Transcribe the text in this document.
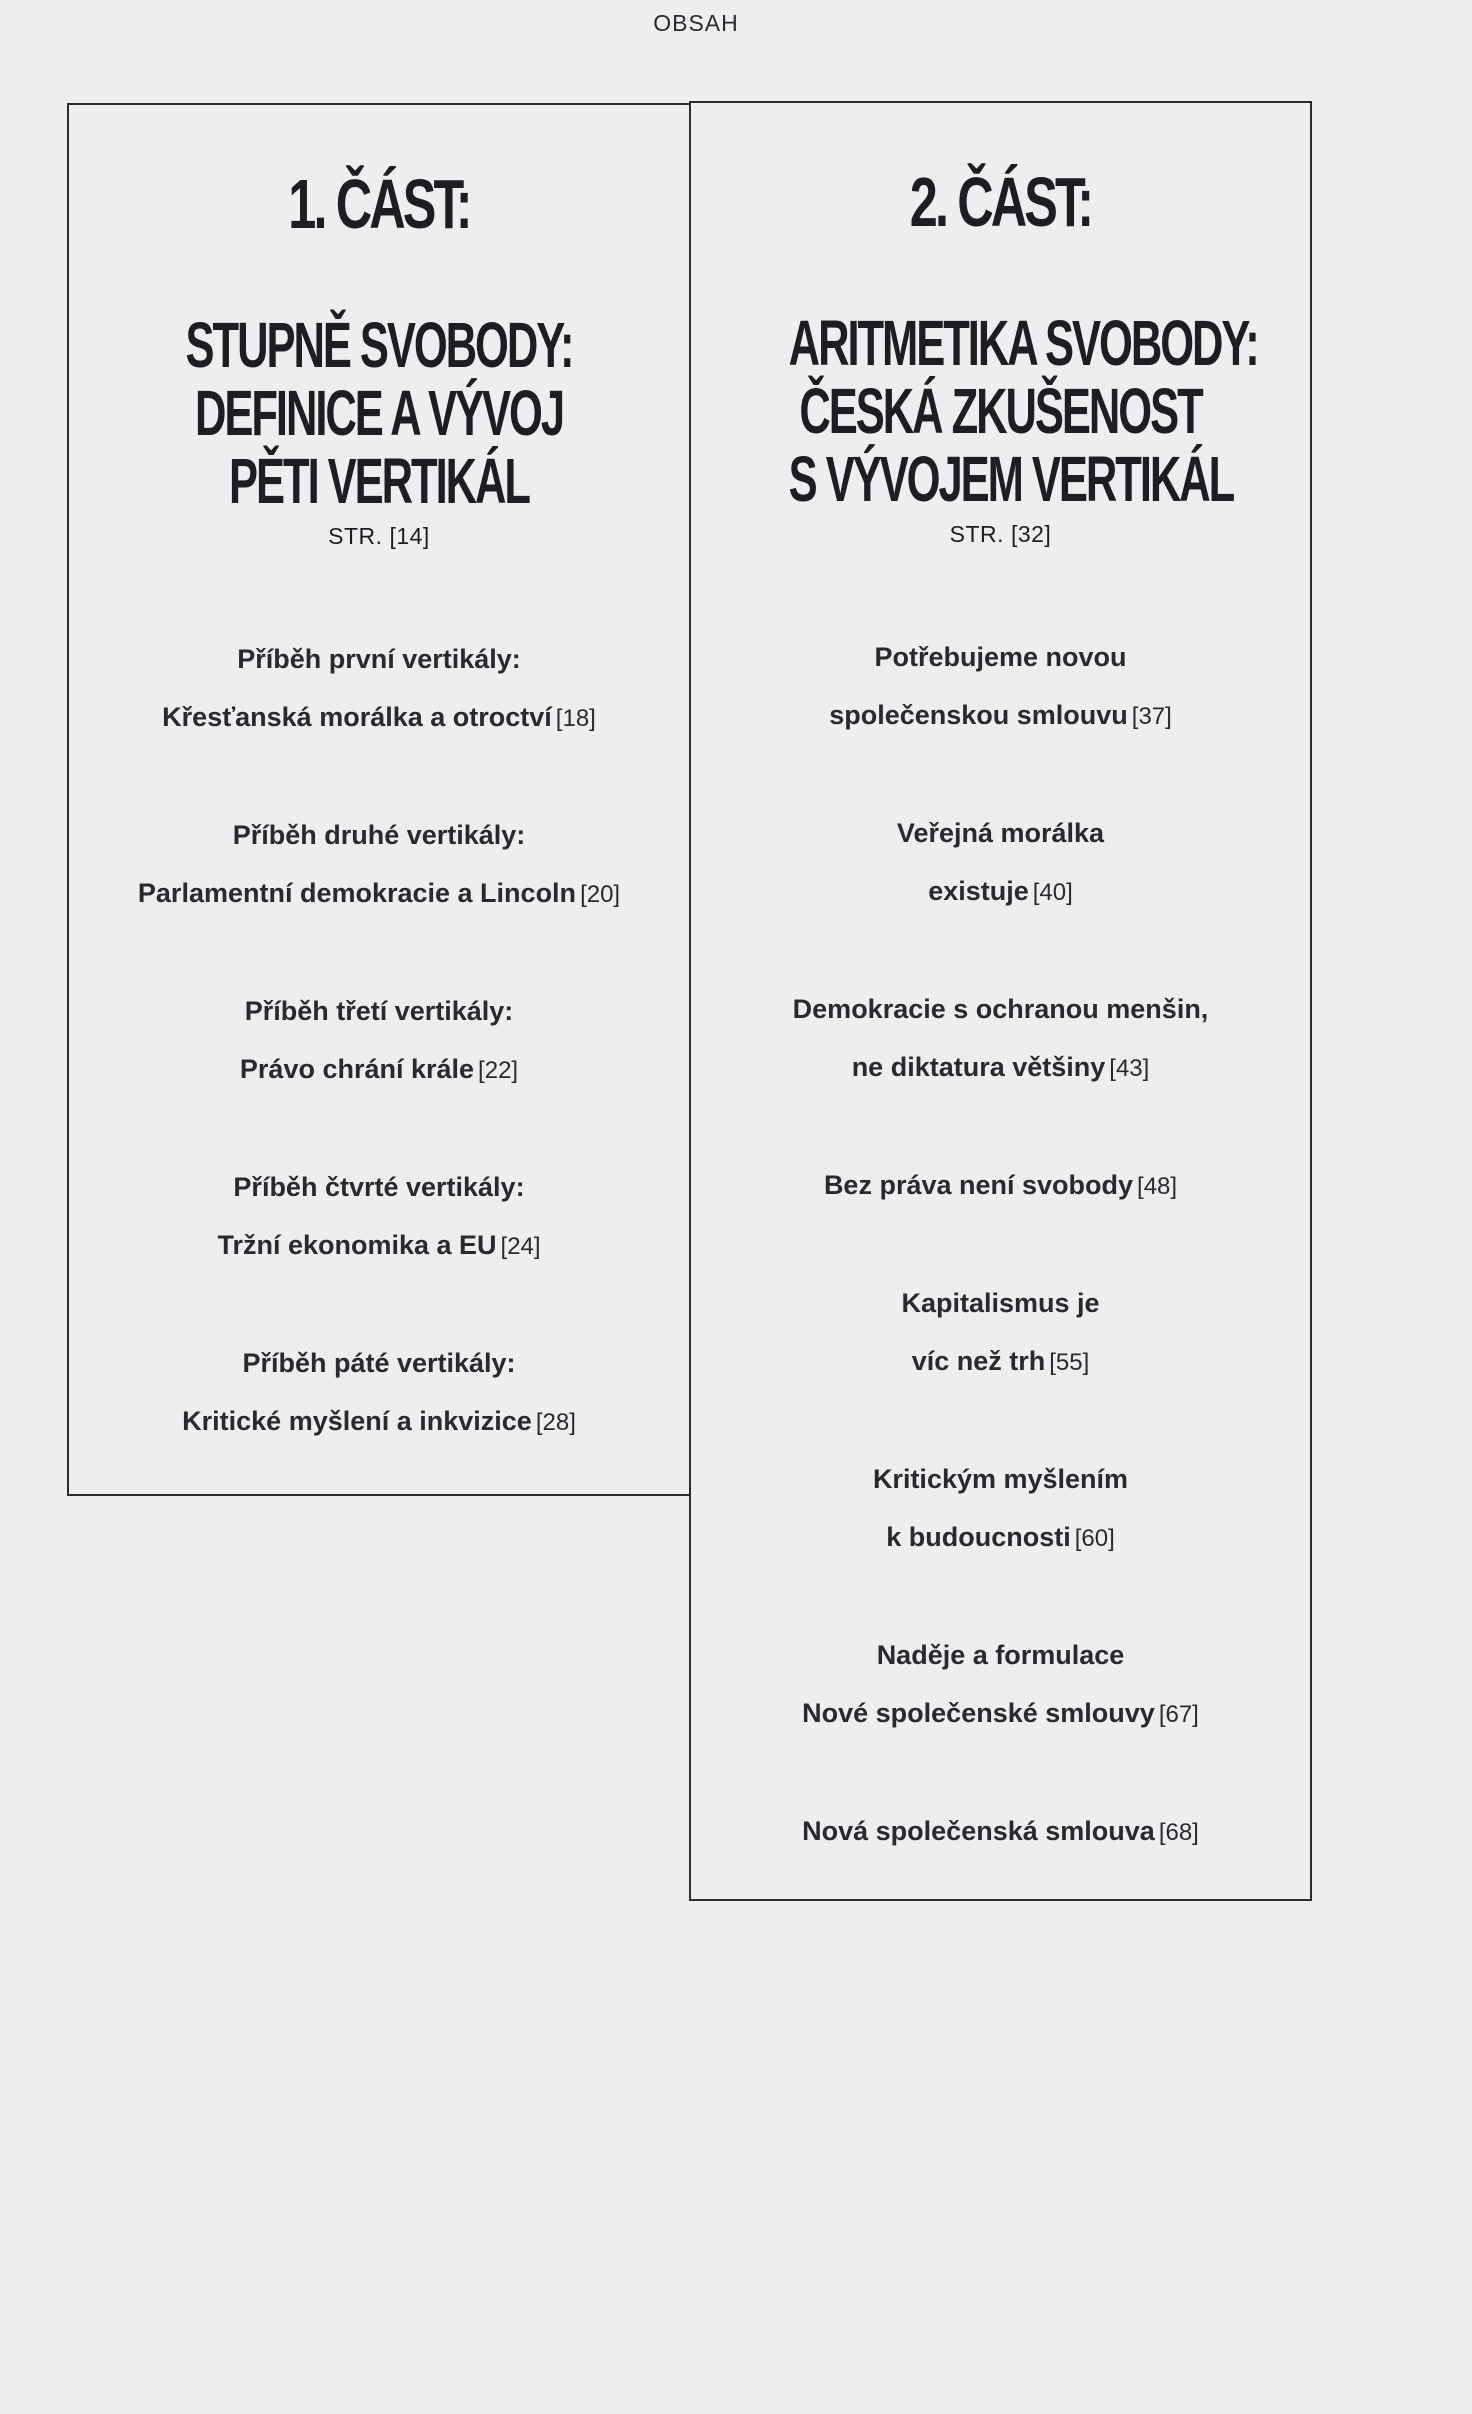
OBSAH
1. ČÁST:
STUPNĚ SVOBODY:
DEFINICE A VÝVOJ
PĚTI VERTIKÁL
STR. [14]
Příběh první vertikály:
Křesťanská morálka a otroctví [18]
Příběh druhé vertikály:
Parlamentní demokracie a Lincoln [20]
Příběh třetí vertikály:
Právo chrání krále [22]
Příběh čtvrté vertikály:
Tržní ekonomika a EU [24]
Příběh páté vertikály:
Kritické myšlení a inkvizice [28]
2. ČÁST:
ARITMETIKA SVOBODY:
ČESKÁ ZKUŠENOST
S VÝVOJEM VERTIKÁL
STR. [32]
Potřebujeme novou
společenskou smlouvu [37]
Veřejná morálka
existuje [40]
Demokracie s ochranou menšin,
ne diktatura většiny [43]
Bez práva není svobody [48]
Kapitalismus je
víc než trh [55]
Kritickým myšlením
k budoucnosti [60]
Naděje a formulace
Nové společenské smlouvy [67]
Nová společenská smlouva [68]
